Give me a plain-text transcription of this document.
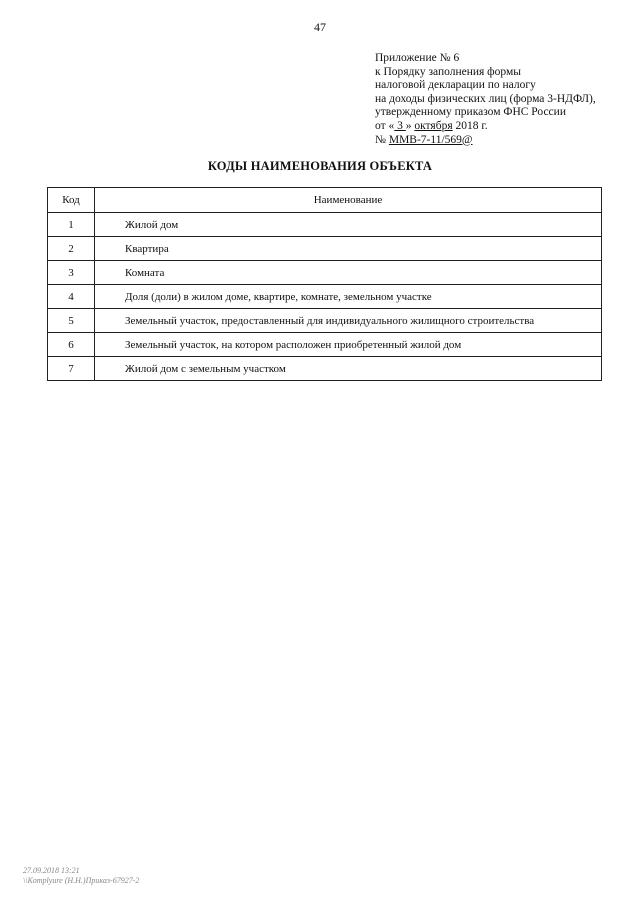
47
Приложение № 6
к Порядку заполнения формы
налоговой декларации по налогу
на доходы физических лиц (форма 3-НДФЛ),
утвержденному приказом ФНС России
от « 3 » октября 2018 г.
№ ММВ-7-11/569@
КОДЫ НАИМЕНОВАНИЯ ОБЪЕКТА
Код	Наименование
1	Жилой дом
2	Квартира
3	Комната
4	Доля (доли) в жилом доме, квартире, комнате, земельном участке
5	Земельный участок, предоставленный для индивидуального жилищного строительства
6	Земельный участок, на котором расположен приобретенный жилой дом
7	Жилой дом с земельным участком
27.09.2018 13:21
\\Komplyure (Н.Н.)Приказ-67927-2
